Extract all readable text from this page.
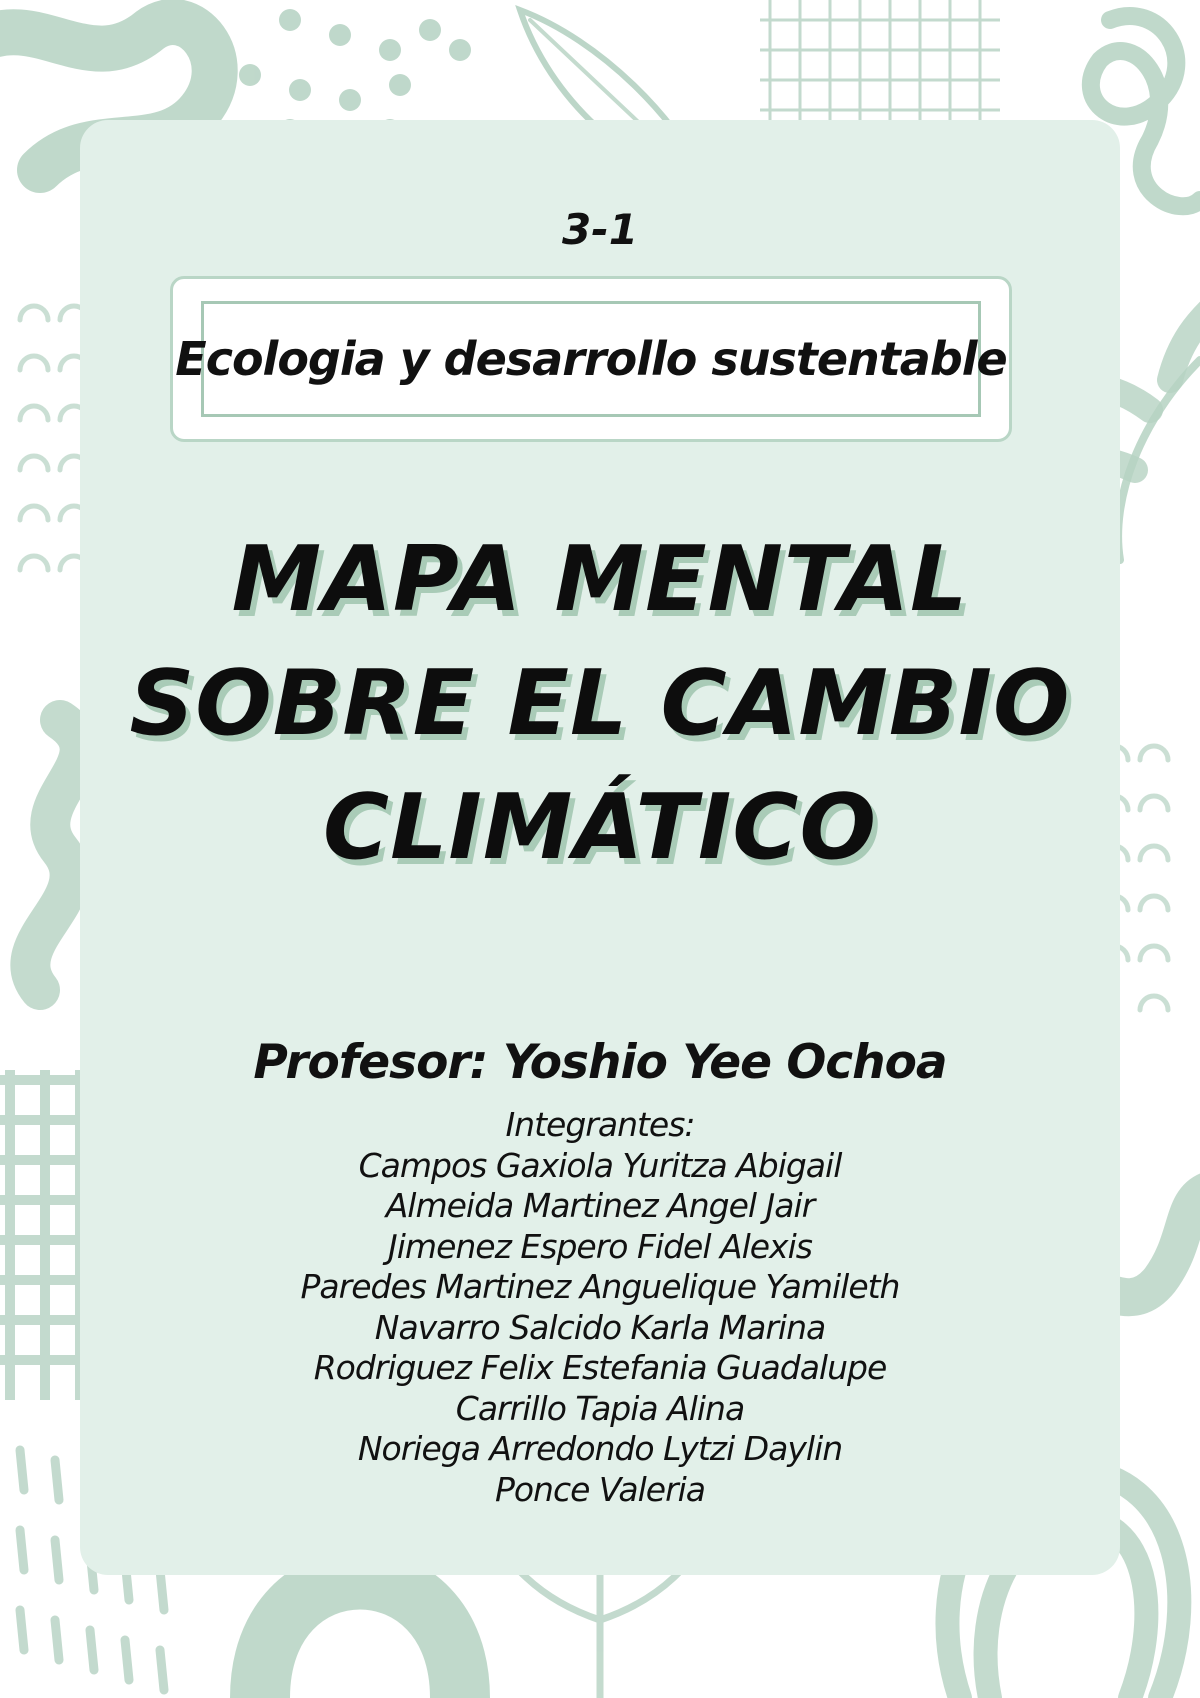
3-1
Ecologia y desarrollo sustentable
MAPA MENTAL
SOBRE EL CAMBIO
CLIMÁTICO
Profesor: Yoshio Yee Ochoa
Integrantes:
Campos Gaxiola Yuritza Abigail
Almeida Martinez Angel Jair
Jimenez Espero Fidel Alexis
Paredes Martinez Anguelique Yamileth
Navarro Salcido Karla Marina
Rodriguez Felix Estefania Guadalupe
Carrillo Tapia Alina
Noriega Arredondo Lytzi Daylin
Ponce Valeria
